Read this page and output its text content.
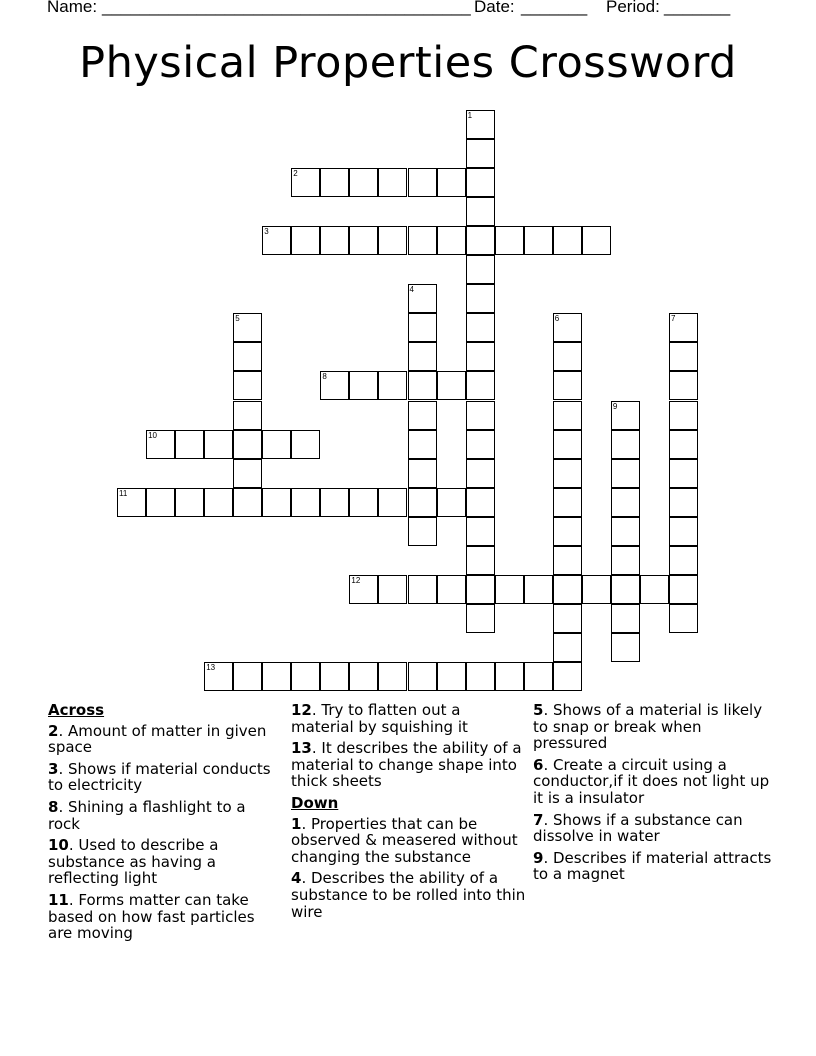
Name:

_______________________________________

Date:

_______

Period:

_______

Physical Properties Crossword
1
2
3
4
5	6	7
8
9
10
11
12
13
Across
2. Amount of matter in given space
3. Shows if material conducts to electricity
8. Shining a flashlight to a rock
10. Used to describe a substance as having a reflecting light
11. Forms matter can take based on how fast particles are moving
12. Try to flatten out a material by squishing it
13. It describes the ability of a material to change shape into thick sheets
Down
1. Properties that can be observed & measered without changing the substance
4. Describes the ability of a substance to be rolled into thin wire
5. Shows of a material is likely to snap or break when pressured
6. Create a circuit using a conductor,if it does not light up it is a insulator
7. Shows if a substance can dissolve in water
9. Describes if material attracts to a magnet
